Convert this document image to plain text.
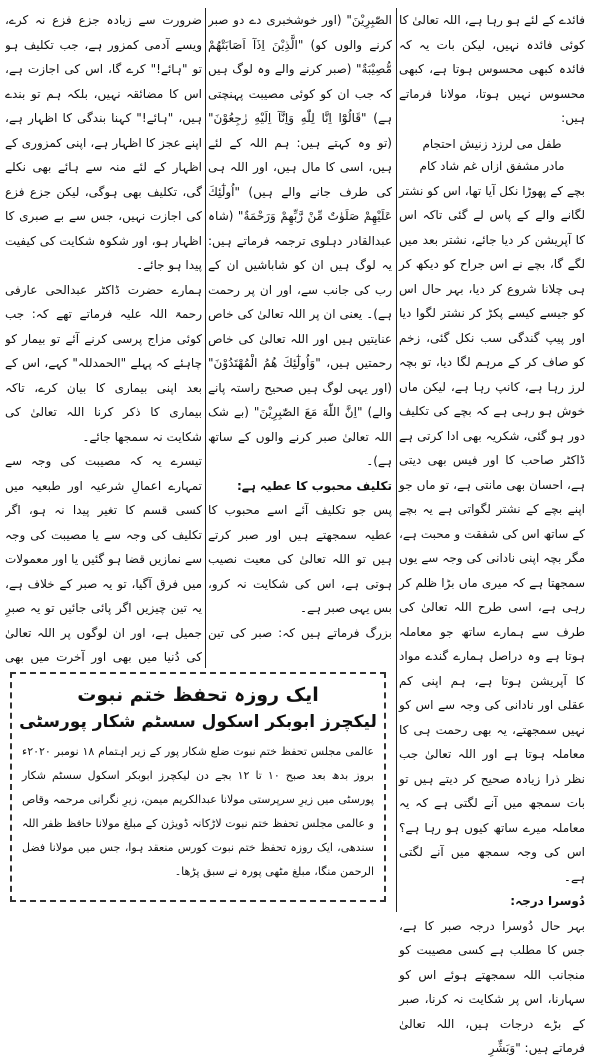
فائدے کے لئے ہو رہا ہے، اللہ تعالیٰ کا کوئی فائدہ نہیں، لیکن بات یہ کہ فائدہ کبھی محسوس ہوتا ہے، کبھی محسوس نہیں ہوتا، مولانا فرماتے ہیں:

طفل می لرزد زنیش احتجام
مادر مشفق ازاں غم شاد کام

بچے کے پھوڑا نکل آیا تھا، اس کو نشتر لگانے والے کے پاس لے گئی تاکہ اس کا آپریشن کر دیا جائے، نشتر بعد میں لگے گا، بچے نے اس جراح کو دیکھ کر ہی چلانا شروع کر دیا، بہر حال اس کو جیسے کیسے پکڑ کر نشتر لگوا دیا اور پیپ گندگی سب نکل گئی، زخم کو صاف کر کے مرہم لگا دیا، تو بچہ لرز رہا ہے، کانپ رہا ہے، لیکن ماں خوش ہو رہی ہے کہ بچے کی تکلیف دور ہو گئی، شکریہ بھی ادا کرتی ہے ڈاکٹر صاحب کا اور فیس بھی دیتی ہے، احسان بھی مانتی ہے، تو ماں جو اپنے بچے کے نشتر لگواتی ہے یہ بچے کے ساتھ اس کی شفقت و محبت ہے، مگر بچہ اپنی نادانی کی وجہ سے یوں سمجھتا ہے کہ میری ماں بڑا ظلم کر رہی ہے، اسی طرح اللہ تعالیٰ کی طرف سے ہمارے ساتھ جو معاملہ ہوتا ہے وہ دراصل ہمارے گندے مواد کا آپریشن ہوتا ہے، ہم اپنی کم عقلی اور نادانی کی وجہ سے اس کو نہیں سمجھتے، یہ بھی رحمت ہی کا معاملہ ہوتا ہے اور اللہ تعالیٰ جب نظر ذرا زیادہ صحیح کر دیتے ہیں تو بات سمجھ میں آنے لگتی ہے کہ یہ معاملہ میرے ساتھ کیوں ہو رہا ہے؟ اس کی وجہ سمجھ میں آنے لگتی ہے۔

دُوسرا درجہ:

بہر حال دُوسرا درجہ صبر کا ہے، جس کا مطلب ہے کسی مصیبت کو منجانب اللہ سمجھتے ہوئے اس کو سہارنا، اس پر شکایت نہ کرنا، صبر کے بڑے درجات ہیں، اللہ تعالیٰ فرماتے ہیں: "وَبَشِّرِ

الصّٰبِرِیْنَ" (اور خوشخبری دے دو صبر کرنے والوں کو) "الَّذِیْنَ اِذَآ اَصَابَتْهُمْ مُّصِیْبَةٌ" (صبر کرنے والے وہ لوگ ہیں کہ جب ان کو کوئی مصیبت پہنچتی ہے) "قَالُوْٓا اِنَّا لِلّٰهِ وَاِنَّآ اِلَیْهِ رٰجِعُوْنَ" (تو وہ کہتے ہیں: ہم اللہ کے لئے ہیں، اسی کا مال ہیں، اور اللہ ہی کی طرف جانے والے ہیں) "اُولٰٓئِكَ عَلَیْهِمْ صَلَوٰتٌ مِّنْ رَّبِّهِمْ وَرَحْمَةٌ" (شاہ عبدالقادر دہلوی ترجمہ فرماتے ہیں: یہ لوگ ہیں ان کو شاباشیں ان کے رب کی جانب سے، اور ان پر رحمت ہے)۔ یعنی ان پر اللہ تعالیٰ کی خاص عنایتیں ہیں اور اللہ تعالیٰ کی خاص رحمتیں ہیں، "وَاُولٰٓئِكَ هُمُ الْمُهْتَدُوْنَ" (اور یہی لوگ ہیں صحیح راستہ پانے والے) "اِنَّ اللّٰهَ مَعَ الصّٰبِرِیْنَ" (بے شک اللہ تعالیٰ صبر کرنے والوں کے ساتھ ہے)۔

تکلیف محبوب کا عطیہ ہے:

پس جو تکلیف آئے اسے محبوب کا عطیہ سمجھتے ہیں اور صبر کرتے ہیں تو اللہ تعالیٰ کی معیت نصیب ہوتی ہے، اس کی شکایت نہ کرو، بس یہی صبر ہے۔

بزرگ فرماتے ہیں کہ: صبر کی تین

ضرورت سے زیادہ جزع فزع نہ کرے، ویسے آدمی کمزور ہے، جب تکلیف ہو تو "ہائے!" کرے گا، اس کی اجازت ہے، اس کا مضائقہ نہیں، بلکہ ہم تو بندے ہیں، "ہائے!" کہنا بندگی کا اظہار ہے، اپنے عجز کا اظہار ہے، اپنی کمزوری کے اظہار کے لئے منہ سے ہائے بھی نکلے گی، تکلیف بھی ہوگی، لیکن جزع فزع کی اجازت نہیں، جس سے بے صبری کا اظہار ہو، اور شکوہ شکایت کی کیفیت پیدا ہو جائے۔

ہمارے حضرت ڈاکٹر عبدالحی عارفی رحمۃ اللہ علیہ فرماتے تھے کہ: جب کوئی مزاج پرسی کرنے آئے تو بیمار کو چاہئے کہ پہلے "الحمدللہ" کہے، اس کے بعد اپنی بیماری کا بیان کرے، تاکہ بیماری کا ذکر کرنا اللہ تعالیٰ کی شکایت نہ سمجھا جائے۔

تیسرے یہ کہ مصیبت کی وجہ سے تمہارے اعمالِ شرعیہ اور طبعیہ میں کسی قسم کا تغیر پیدا نہ ہو، اگر تکلیف کی وجہ سے یا مصیبت کی وجہ سے نمازیں قضا ہو گئیں یا اور معمولات میں فرق آگیا، تو یہ صبر کے خلاف ہے، یہ تین چیزیں اگر پائی جائیں تو یہ صبرِ جمیل ہے، اور ان لوگوں پر اللہ تعالیٰ کی دُنیا میں بھی اور آخرت میں بھی

ایک روزہ تحفظ ختم نبوت
لیکچرز ابوبکر اسکول سسٹم شکار پورسٹی
عالمی مجلس تحفظ ختم نبوت ضلع شکار پور کے زیر اہتمام ۱۸ نومبر ۲۰۲۰ء بروز بدھ بعد صبح ۱۰ تا ۱۲ بجے دن لیکچرز ابوبکر اسکول سسٹم شکار پورسٹی میں زیرِ سرپرستی مولانا عبدالکریم میمن، زیرِ نگرانی مرحمہ وقاص و عالمی مجلس تحفظ ختم نبوت لاڑکانہ ڈویژن کے مبلغ مولانا حافظ ظفر اللہ سندھی، ایک روزہ تحفظ ختم نبوت کورس منعقد ہوا، جس میں مولانا فضل الرحمن منگا، مبلغ مٹھی پورہ نے سبق پڑھا۔
